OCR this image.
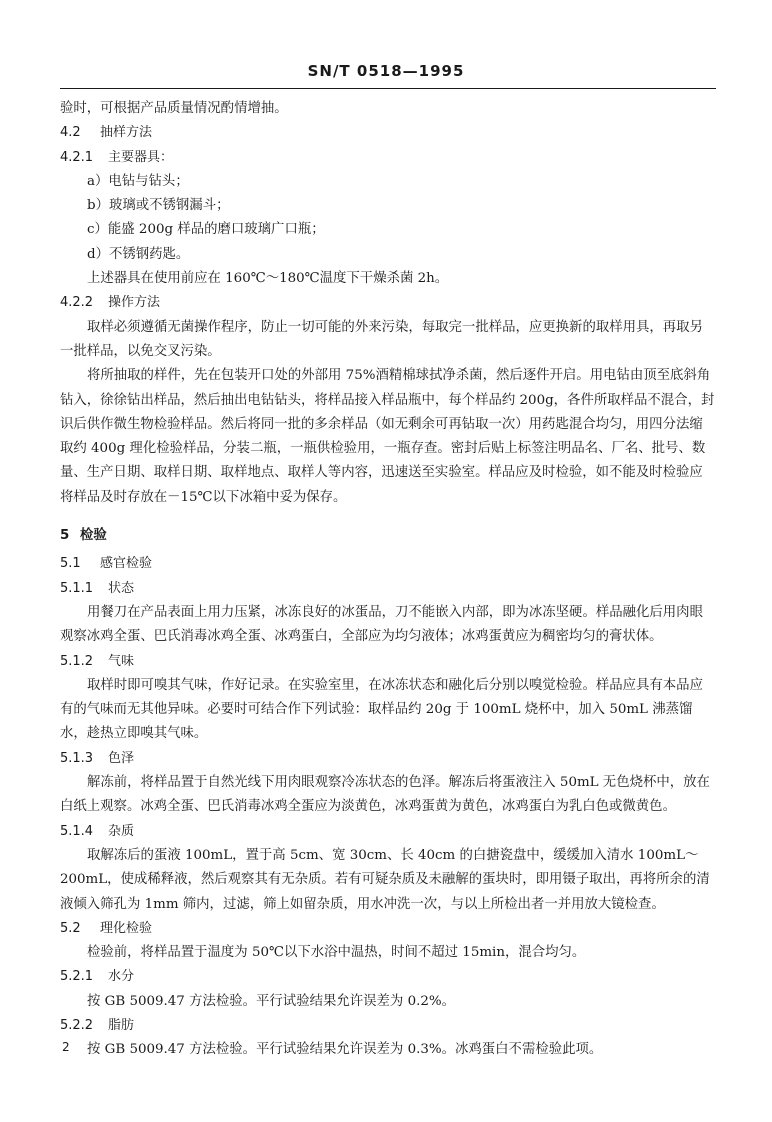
SN/T 0518—1995

验时，可根据产品质量情况酌情增抽。

4.2 抽样方法

4.2.1 主要器具：

a）电钻与钻头；

b）玻璃或不锈钢漏斗；

c）能盛 200g 样品的磨口玻璃广口瓶；

d）不锈钢药匙。

上述器具在使用前应在 160℃～180℃温度下干燥杀菌 2h。

4.2.2 操作方法

取样必须遵循无菌操作程序，防止一切可能的外来污染，每取完一批样品，应更换新的取样用具，再取另一批样品，以免交叉污染。

将所抽取的样件，先在包装开口处的外部用 75%酒精棉球拭净杀菌，然后逐件开启。用电钻由顶至底斜角钻入，徐徐钻出样品，然后抽出电钻钻头，将样品接入样品瓶中，每个样品约 200g，各件所取样品不混合，封识后供作微生物检验样品。然后将同一批的多余样品（如无剩余可再钻取一次）用药匙混合均匀，用四分法缩取约 400g 理化检验样品，分装二瓶，一瓶供检验用，一瓶存查。密封后贴上标签注明品名、厂名、批号、数量、生产日期、取样日期、取样地点、取样人等内容，迅速送至实验室。样品应及时检验，如不能及时检验应将样品及时存放在－15℃以下冰箱中妥为保存。

5 检验

5.1 感官检验

5.1.1 状态

用餐刀在产品表面上用力压紧，冰冻良好的冰蛋品，刀不能嵌入内部，即为冰冻坚硬。样品融化后用肉眼观察冰鸡全蛋、巴氏消毒冰鸡全蛋、冰鸡蛋白，全部应为均匀液体；冰鸡蛋黄应为稠密均匀的膏状体。

5.1.2 气味

取样时即可嗅其气味，作好记录。在实验室里，在冰冻状态和融化后分别以嗅觉检验。样品应具有本品应有的气味而无其他异味。必要时可结合作下列试验：取样品约 20g 于 100mL 烧杯中，加入 50mL 沸蒸馏水，趁热立即嗅其气味。

5.1.3 色泽

解冻前，将样品置于自然光线下用肉眼观察冷冻状态的色泽。解冻后将蛋液注入 50mL 无色烧杯中，放在白纸上观察。冰鸡全蛋、巴氏消毒冰鸡全蛋应为淡黄色，冰鸡蛋黄为黄色，冰鸡蛋白为乳白色或微黄色。

5.1.4 杂质

取解冻后的蛋液 100mL，置于高 5cm、宽 30cm、长 40cm 的白搪瓷盘中，缓缓加入清水 100mL～200mL，使成稀释液，然后观察其有无杂质。若有可疑杂质及未融解的蛋块时，即用镊子取出，再将所余的清液倾入筛孔为 1mm 筛内，过滤，筛上如留杂质，用水冲洗一次，与以上所检出者一并用放大镜检查。

5.2 理化检验

检验前，将样品置于温度为 50℃以下水浴中温热，时间不超过 15min，混合均匀。

5.2.1 水分

按 GB 5009.47 方法检验。平行试验结果允许误差为 0.2%。

5.2.2 脂肪

按 GB 5009.47 方法检验。平行试验结果允许误差为 0.3%。冰鸡蛋白不需检验此项。

2
